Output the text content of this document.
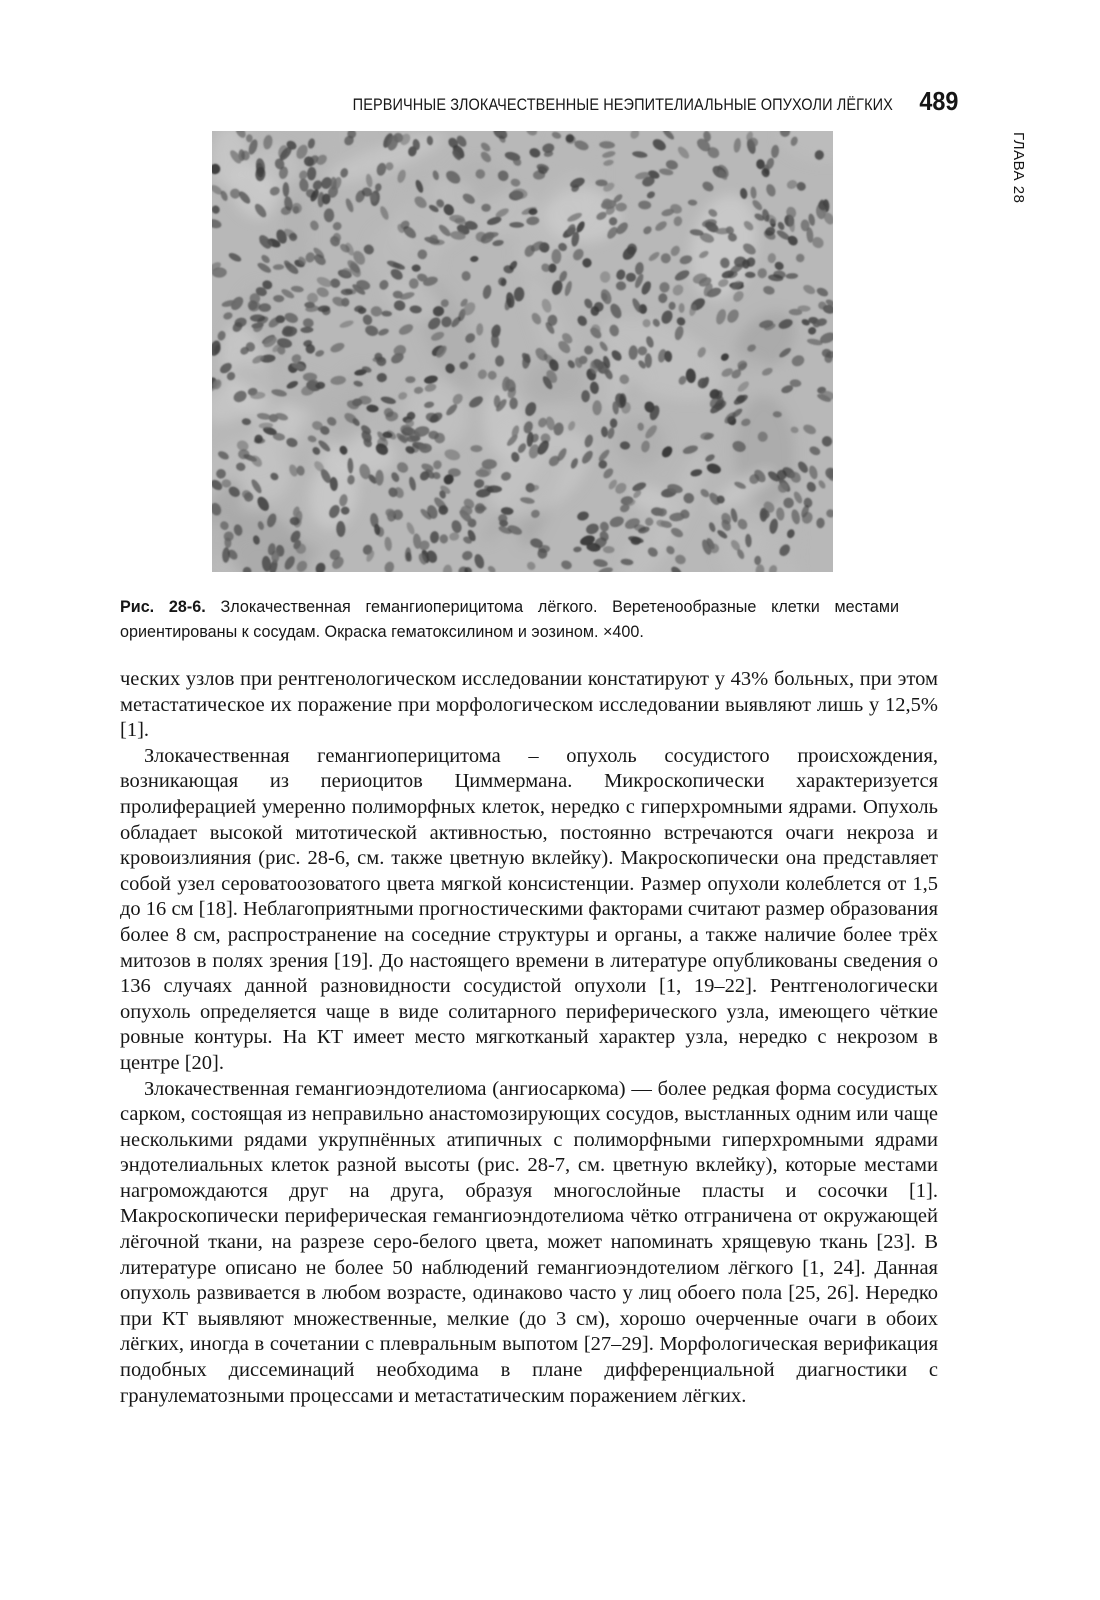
ПЕРВИЧНЫЕ ЗЛОКАЧЕСТВЕННЫЕ НЕЭПИТЕЛИАЛЬНЫЕ ОПУХОЛИ ЛЁГКИХ 489
ГЛАВА 28
Рис. 28-6. Злокачественная гемангиоперицитома лёгкого. Веретенообразные клетки местами ориентированы к сосудам. Окраска гематоксилином и эозином. ×400.

ческих узлов при рентгенологическом исследовании констатируют у 43% больных, при этом метастатическое их поражение при морфологическом исследовании выявляют лишь у 12,5% [1].

Злокачественная гемангиоперицитома – опухоль сосудистого происхождения, возникающая из периоцитов Циммермана. Микроскопически характеризуется пролиферацией умеренно полиморфных клеток, нередко с гиперхромными ядрами. Опухоль обладает высокой митотической активностью, постоянно встречаются очаги некроза и кровоизлияния (рис. 28-6, см. также цветную вклейку). Макроскопически она представляет собой узел сероватоозоватого цвета мягкой консистенции. Размер опухоли колеблется от 1,5 до 16 см [18]. Неблагоприятными прогностическими факторами считают размер образования более 8 см, распространение на соседние структуры и органы, а также наличие более трёх митозов в полях зрения [19]. До настоящего времени в литературе опубликованы сведения о 136 случаях данной разновидности сосудистой опухоли [1, 19–22]. Рентгенологически опухоль определяется чаще в виде солитарного периферического узла, имеющего чёткие ровные контуры. На КТ имеет место мягкотканый характер узла, нередко с некрозом в центре [20].

Злокачественная гемангиоэндотелиома (ангиосаркома) — более редкая форма сосудистых сарком, состоящая из неправильно анастомозирующих сосудов, выстланных одним или чаще несколькими рядами укрупнённых атипичных с полиморфными гиперхромными ядрами эндотелиальных клеток разной высоты (рис. 28-7, см. цветную вклейку), которые местами нагромождаются друг на друга, образуя многослойные пласты и сосочки [1]. Макроскопически периферическая гемангиоэндотелиома чётко отграничена от окружающей лёгочной ткани, на разрезе серо-белого цвета, может напоминать хрящевую ткань [23]. В литературе описано не более 50 наблюдений гемангиоэндотелиом лёгкого [1, 24]. Данная опухоль развивается в любом возрасте, одинаково часто у лиц обоего пола [25, 26]. Нередко при КТ выявляют множественные, мелкие (до 3 см), хорошо очерченные очаги в обоих лёгких, иногда в сочетании с плевральным выпотом [27–29]. Морфологическая верификация подобных диссеминаций необходима в плане дифференциальной диагностики с гранулематозными процессами и метастатическим поражением лёгких.
